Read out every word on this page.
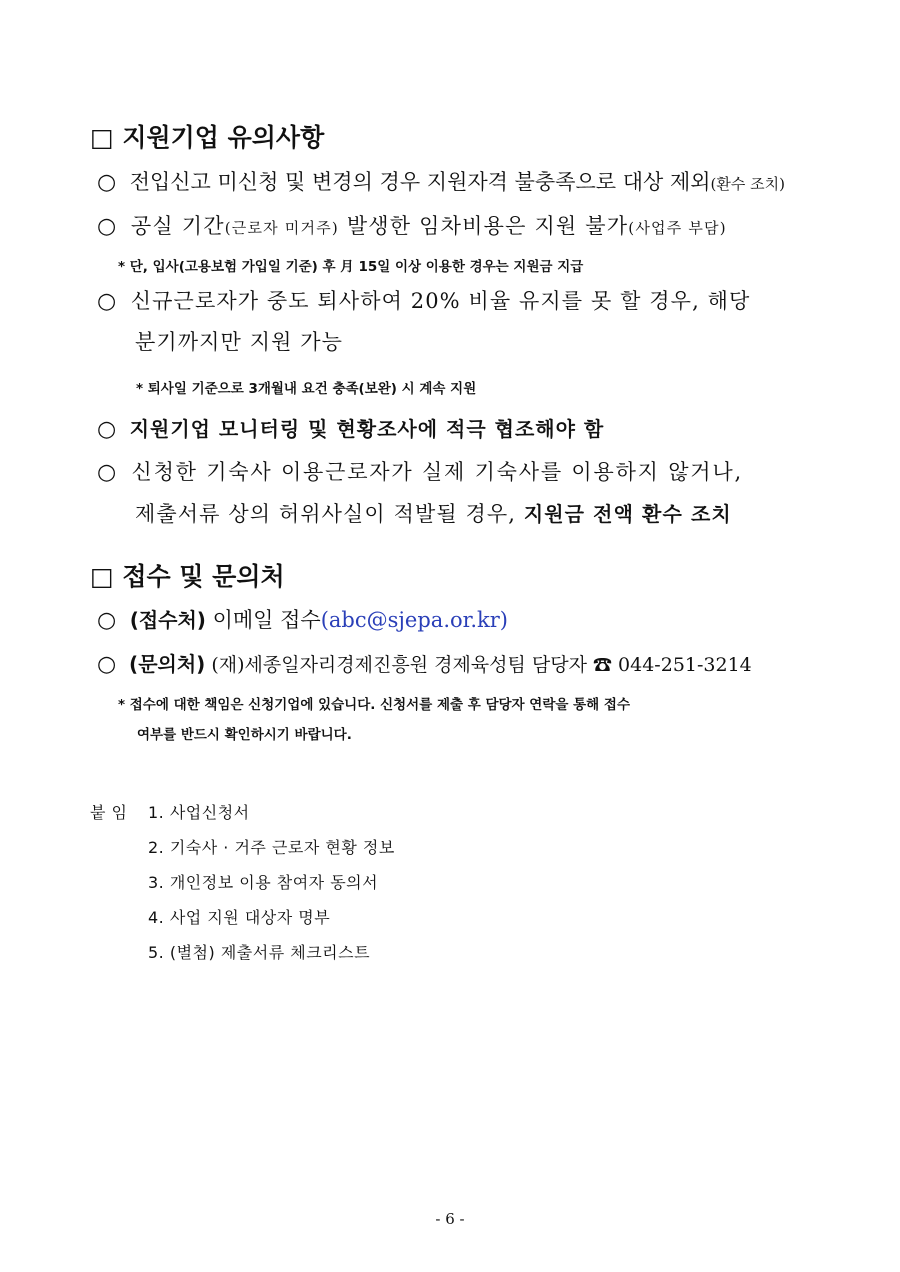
□ 지원기업 유의사항
○ 전입신고 미신청 및 변경의 경우 지원자격 불충족으로 대상 제외(환수 조치)
○ 공실 기간(근로자 미거주) 발생한 임차비용은 지원 불가(사업주 부담)
* 단, 입사(고용보험 가입일 기준) 후 月 15일 이상 이용한 경우는 지원금 지급
○ 신규근로자가 중도 퇴사하여 20% 비율 유지를 못 할 경우, 해당
분기까지만 지원 가능
* 퇴사일 기준으로 3개월내 요건 충족(보완) 시 계속 지원
○ 지원기업 모니터링 및 현황조사에 적극 협조해야 함
○ 신청한 기숙사 이용근로자가 실제 기숙사를 이용하지 않거나,
제출서류 상의 허위사실이 적발될 경우, 지원금 전액 환수 조치
□ 접수 및 문의처
○ (접수처) 이메일 접수(abc@sjepa.or.kr)
○ (문의처) (재)세종일자리경제진흥원 경제육성팀 담당자 ☎ 044-251-3214
* 접수에 대한 책임은 신청기업에 있습니다. 신청서를 제출 후 담당자 연락을 통해 접수
여부를 반드시 확인하시기 바랍니다.
붙 임 1. 사업신청서
2. 기숙사 · 거주 근로자 현황 정보
3. 개인정보 이용 참여자 동의서
4. 사업 지원 대상자 명부
5. (별첨) 제출서류 체크리스트
- 6 -
